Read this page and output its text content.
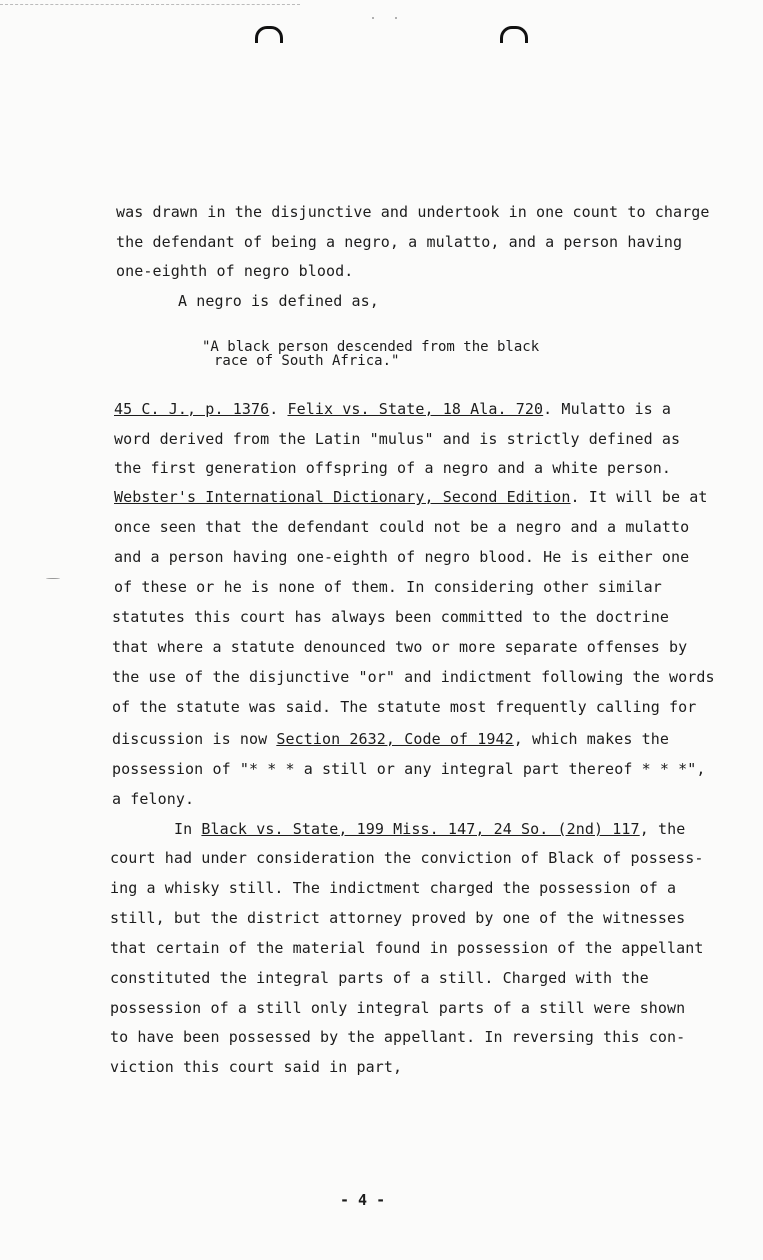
was drawn in the disjunctive and undertook in one count to charge
the defendant of being a negro, a mulatto, and a person having
one-eighth of negro blood.
A negro is defined as,
"A black person descended from the black
race of South Africa."
45 C. J., p. 1376. Felix vs. State, 18 Ala. 720. Mulatto is a
word derived from the Latin "mulus" and is strictly defined as
the first generation offspring of a negro and a white person.
Webster's International Dictionary, Second Edition. It will be at
once seen that the defendant could not be a negro and a mulatto
and a person having one-eighth of negro blood. He is either one
of these or he is none of them. In considering other similar
statutes this court has always been committed to the doctrine
that where a statute denounced two or more separate offenses by
the use of the disjunctive "or" and indictment following the words
of the statute was said. The statute most frequently calling for
discussion is now Section 2632, Code of 1942, which makes the
possession of "* * * a still or any integral part thereof * * *",
a felony.
In Black vs. State, 199 Miss. 147, 24 So. (2nd) 117, the
court had under consideration the conviction of Black of possess-
ing a whisky still. The indictment charged the possession of a
still, but the district attorney proved by one of the witnesses
that certain of the material found in possession of the appellant
constituted the integral parts of a still. Charged with the
possession of a still only integral parts of a still were shown
to have been possessed by the appellant. In reversing this con-
viction this court said in part,
- 4 -
